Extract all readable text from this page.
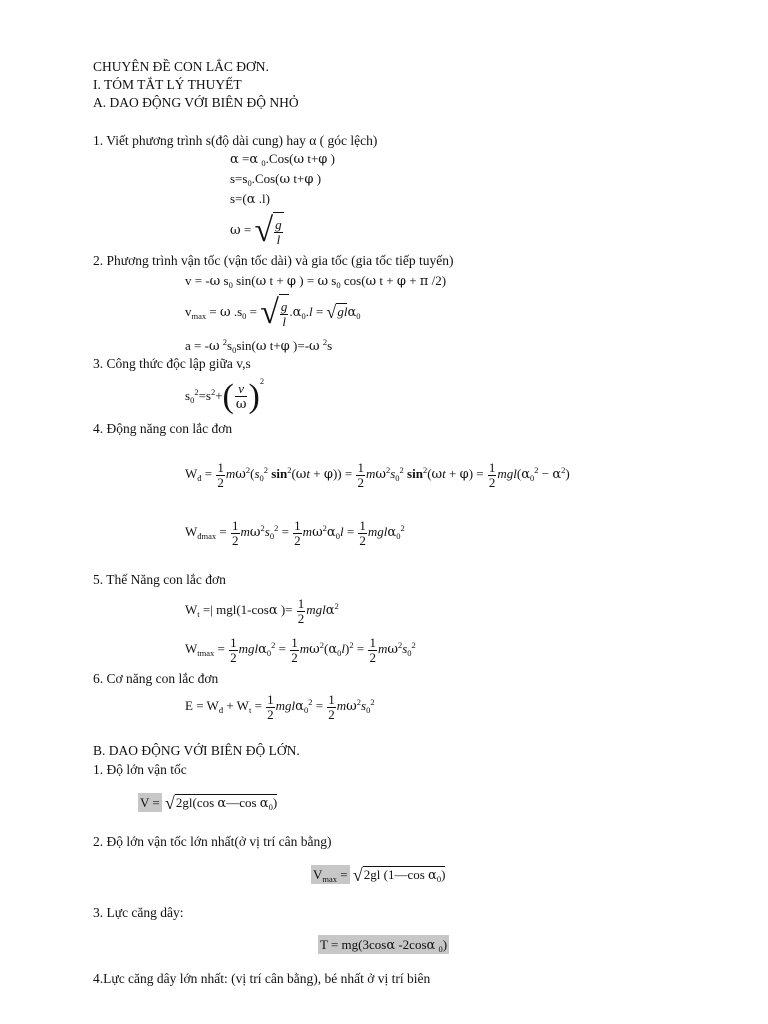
CHUYÊN ĐỀ CON LẮC ĐƠN.
I. TÓM TẮT LÝ THUYẾT
A. DAO ĐỘNG VỚI BIÊN ĐỘ NHỎ
1. Viết phương trình s(độ dài cung) hay α ( góc lệch)
α =α $_0$.Cos(ω t+φ )
$s=s_0.Cos(\omega$ t+φ )
s=(α .l)
ω = √ $\frac{g}{l}$
2. Phương trình vận tốc (vận tốc dài) và gia tốc (gia tốc tiếp tuyến)
v = -ω $s_0$ sin(ω t + φ ) = ω $s_0$ cos(ω t + φ + π /2)
$v_{max} = \omega$ $.s_0$ = √ $\frac{g}{l} .\alpha_0.l = √gl\alpha_0$
a = -ω $^2s_0\sin(\omega$ t+φ )=-ω $^2$s
3. Công thức độc lập giữa v,s
$s_0^2=s^2+( \frac{v}{\omega} )^2$
4. Động năng con lắc đơn
$W_đ = \frac{1}{2} m\omega^2(s_0^2$ $\sin^2(\omega t + \varphi)) = \frac{1}{2} m\omega^2s_0^2$ $\sin^2(\omega t + \varphi) = \frac{1}{2} mgl(\alpha_0^2 - \alpha^2)$
$W_{đmax} = \frac{1}{2} m\omega^2s_0^2 = \frac{1}{2} m\omega^2\alpha_0l = \frac{1}{2} mgl\alpha_0^2$
5. Thế Năng con lắc đơn
$W_t$ =| mgl(1-cosα )= $\frac{1}{2} mgl\alpha^2$
$W_{tmax} = \frac{1}{2} mgl\alpha_0^2 = \frac{1}{2} m\omega^2(\alpha_0l)^2 = \frac{1}{2} m\omega^2s_0^2$
6. Cơ năng con lắc đơn
$E = W_đ + W_t = \frac{1}{2} mgl\alpha_0^2 = \frac{1}{2} m\omega^2s_0^2$
B. DAO ĐỘNG VỚI BIÊN ĐỘ LỚN.
1. Độ lớn vận tốc
V = √2gl(cos α—cos $\alpha_0$)
2. Độ lớn vận tốc lớn nhất(ở vị trí cân bằng)
$V_{max} = √2gl$ (1—cos $\alpha_0$)
3. Lực căng dây:
T = mg(3cosα -2cosα $_0$)
4.Lực căng dây lớn nhất: (vị trí cân bằng), bé nhất ở vị trí biên
